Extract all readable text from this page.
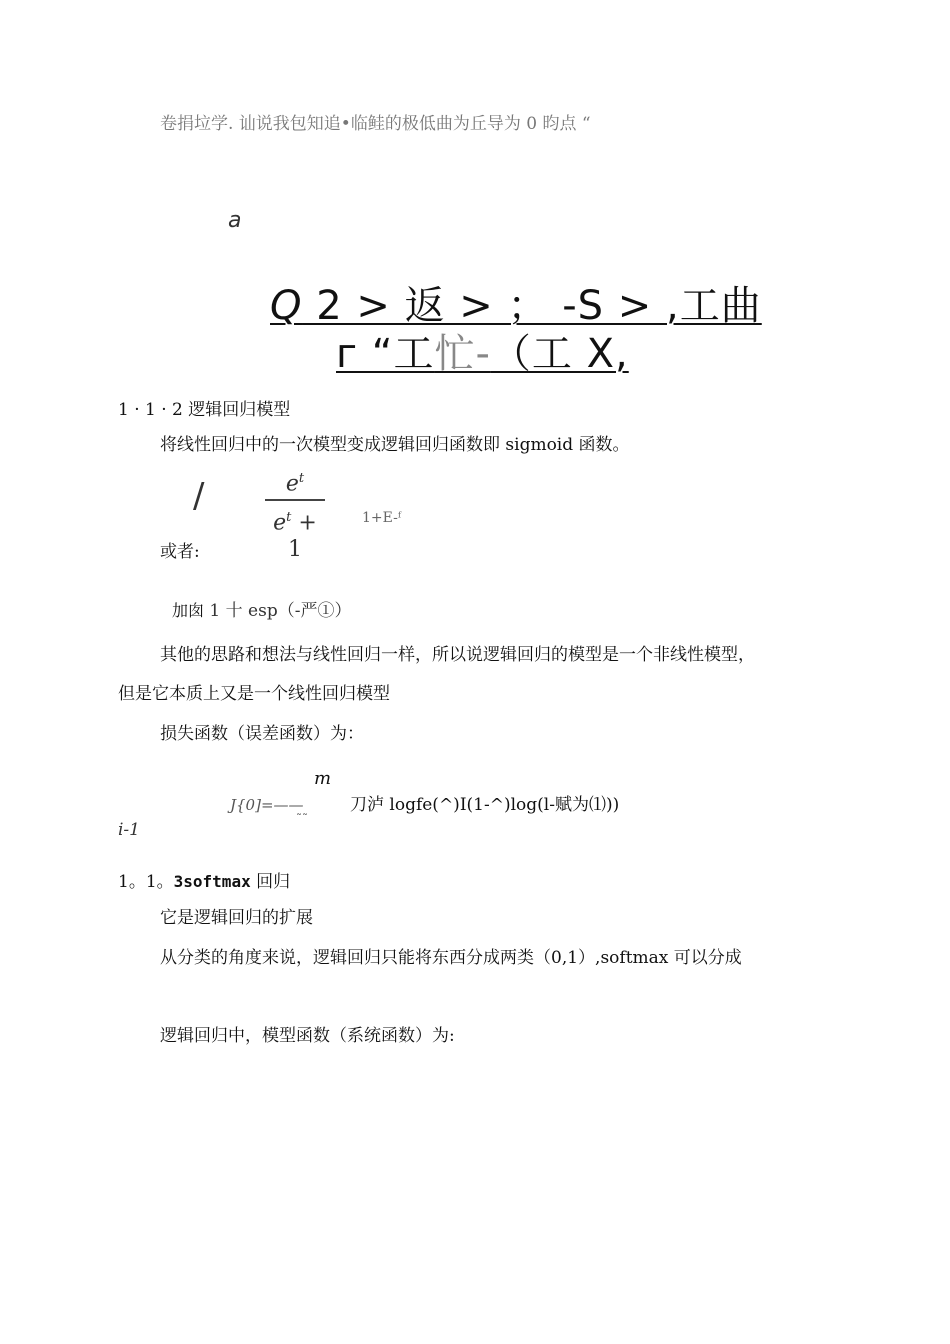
卷捐垃学. 讪说我包知追•临鲑的极低曲为丘导为 0 昀点 “
a
Q 2 > 返 > ； -S > ,工曲
г “工忙-（工 X,
1 · 1 · 2 逻辑回归模型
将线性回归中的一次模型变成逻辑回归函数即 sigmoid 函数。
/	$e^t$
$e^t + 1$
1+E-ᶠ
或者:
加囱 1 十 esp（-严①）
其他的思路和想法与线性回归一样，所以说逻辑回归的模型是一个非线性模型，
但是它本质上又是一个线性回归模型
损失函数（误差函数）为：
m
J{0]=——
˜˜
刀泸 logfe(^)I(1-^)log(l-赋为⑴))
i-1
1。1。3softmax 回归
它是逻辑回归的扩展
从分类的角度来说，逻辑回归只能将东西分成两类（0,1）,softmax 可以分成
逻辑回归中，模型函数（系统函数）为:
